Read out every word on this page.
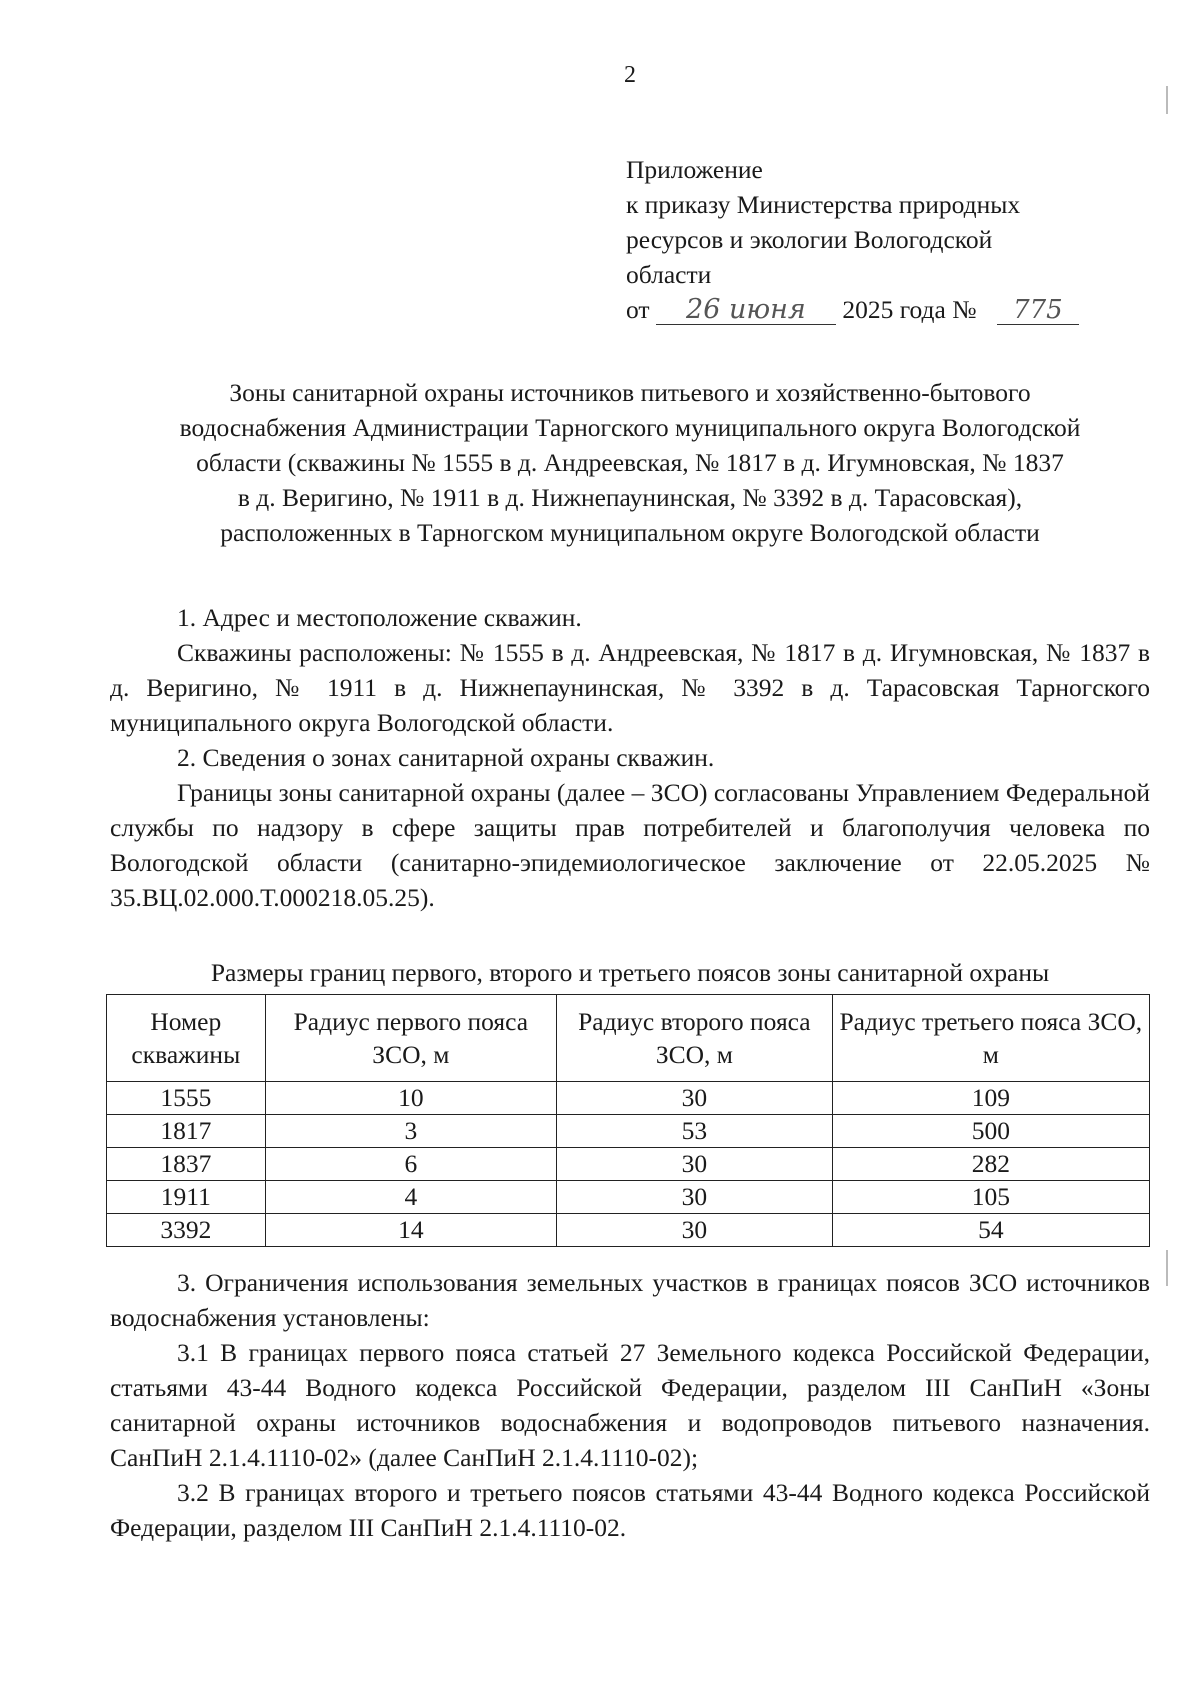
2
Приложение
к приказу Министерства природных
ресурсов и экологии Вологодской
области
от 26 июня 2025 года № 775
Зоны санитарной охраны источников питьевого и хозяйственно-бытового
водоснабжения Администрации Тарногского муниципального округа Вологодской
области (скважины № 1555 в д. Андреевская, № 1817 в д. Игумновская, № 1837
в д. Веригино, № 1911 в д. Нижнепаунинская, № 3392 в д. Тарасовская),
расположенных в Тарногском муниципальном округе Вологодской области

1. Адрес и местоположение скважин.

Скважины расположены: № 1555 в д. Андреевская, № 1817 в д. Игумновская, № 1837 в д. Веригино, № 1911 в д. Нижнепаунинская, № 3392 в д. Тарасовская Тарногского муниципального округа Вологодской области.

2. Сведения о зонах санитарной охраны скважин.

Границы зоны санитарной охраны (далее – ЗСО) согласованы Управлением Федеральной службы по надзору в сфере защиты прав потребителей и благополучия человека по Вологодской области (санитарно-эпидемиологическое заключение от 22.05.2025 № 35.ВЦ.02.000.Т.000218.05.25).

Размеры границ первого, второго и третьего поясов зоны санитарной охраны
Номер скважины	Радиус первого пояса ЗСО, м	Радиус второго пояса ЗСО, м	Радиус третьего пояса ЗСО, м
1555	10	30	109
1817	3	53	500
1837	6	30	282
1911	4	30	105
3392	14	30	54

3. Ограничения использования земельных участков в границах поясов ЗСО источников водоснабжения установлены:

3.1 В границах первого пояса статьей 27 Земельного кодекса Российской Федерации, статьями 43-44 Водного кодекса Российской Федерации, разделом III СанПиН «Зоны санитарной охраны источников водоснабжения и водопроводов питьевого назначения. СанПиН 2.1.4.1110-02» (далее СанПиН 2.1.4.1110-02);

3.2 В границах второго и третьего поясов статьями 43-44 Водного кодекса Российской Федерации, разделом III СанПиН 2.1.4.1110-02.
